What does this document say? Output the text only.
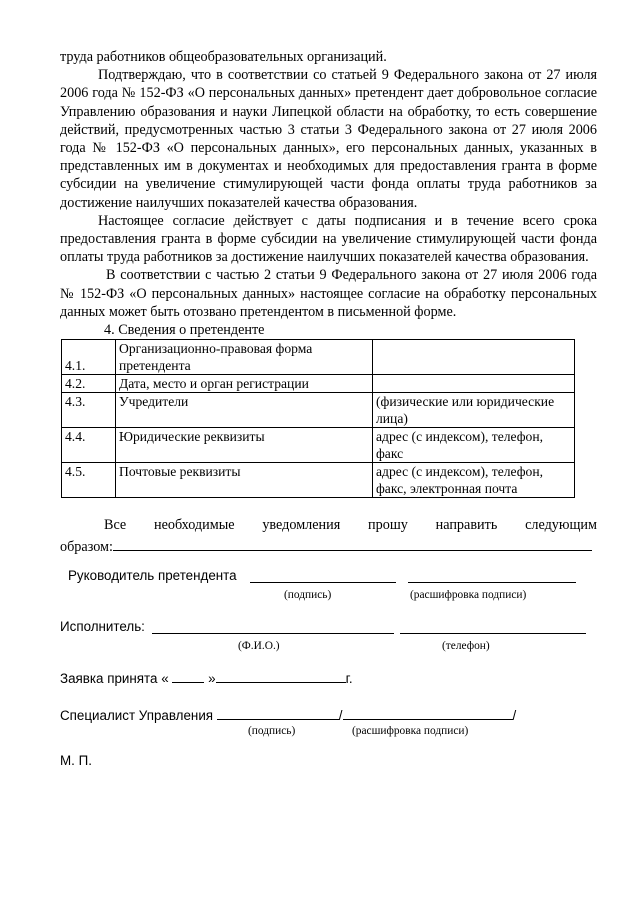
труда работников общеобразовательных организаций.

Подтверждаю, что в соответствии со статьей 9 Федерального закона от 27 июля 2006 года № 152-ФЗ «О персональных данных» претендент дает добровольное согласие Управлению образования и науки Липецкой области на обработку, то есть совершение действий, предусмотренных частью 3 статьи 3 Федерального закона от 27 июля 2006 года № 152-ФЗ «О персональных данных», его персональных данных, указанных в представленных им в документах и необходимых для предоставления гранта в форме субсидии на увеличение стимулирующей части фонда оплаты труда работников за достижение наилучших показателей качества образования.

Настоящее согласие действует с даты подписания и в течение всего срока предоставления гранта в форме субсидии на увеличение стимулирующей части фонда оплаты труда работников за достижение наилучших показателей качества образования.

В соответствии с частью 2 статьи 9 Федерального закона от 27 июля 2006 года № 152-ФЗ «О персональных данных» настоящее согласие на обработку персональных данных может быть отозвано претендентом в письменной форме.

4. Сведения о претенденте
4.1.	Организационно-правовая форма претендента	
4.2.	Дата, место и орган регистрации	
4.3.	Учредители	(физические или юридические лица)
4.4.	Юридические реквизиты	адрес (с индексом), телефон, факс
4.5.	Почтовые реквизиты	адрес (с индексом), телефон, факс, электронная почта
Все необходимые уведомления прошу направить следующим
образом:
Руководитель претендента
(подпись)	(расшифровка подписи)
Исполнитель:
(Ф.И.О.)	(телефон)
Заявка принята «	»	г.
Специалист Управления	/	/
(подпись)	(расшифровка подписи)
М. П.
